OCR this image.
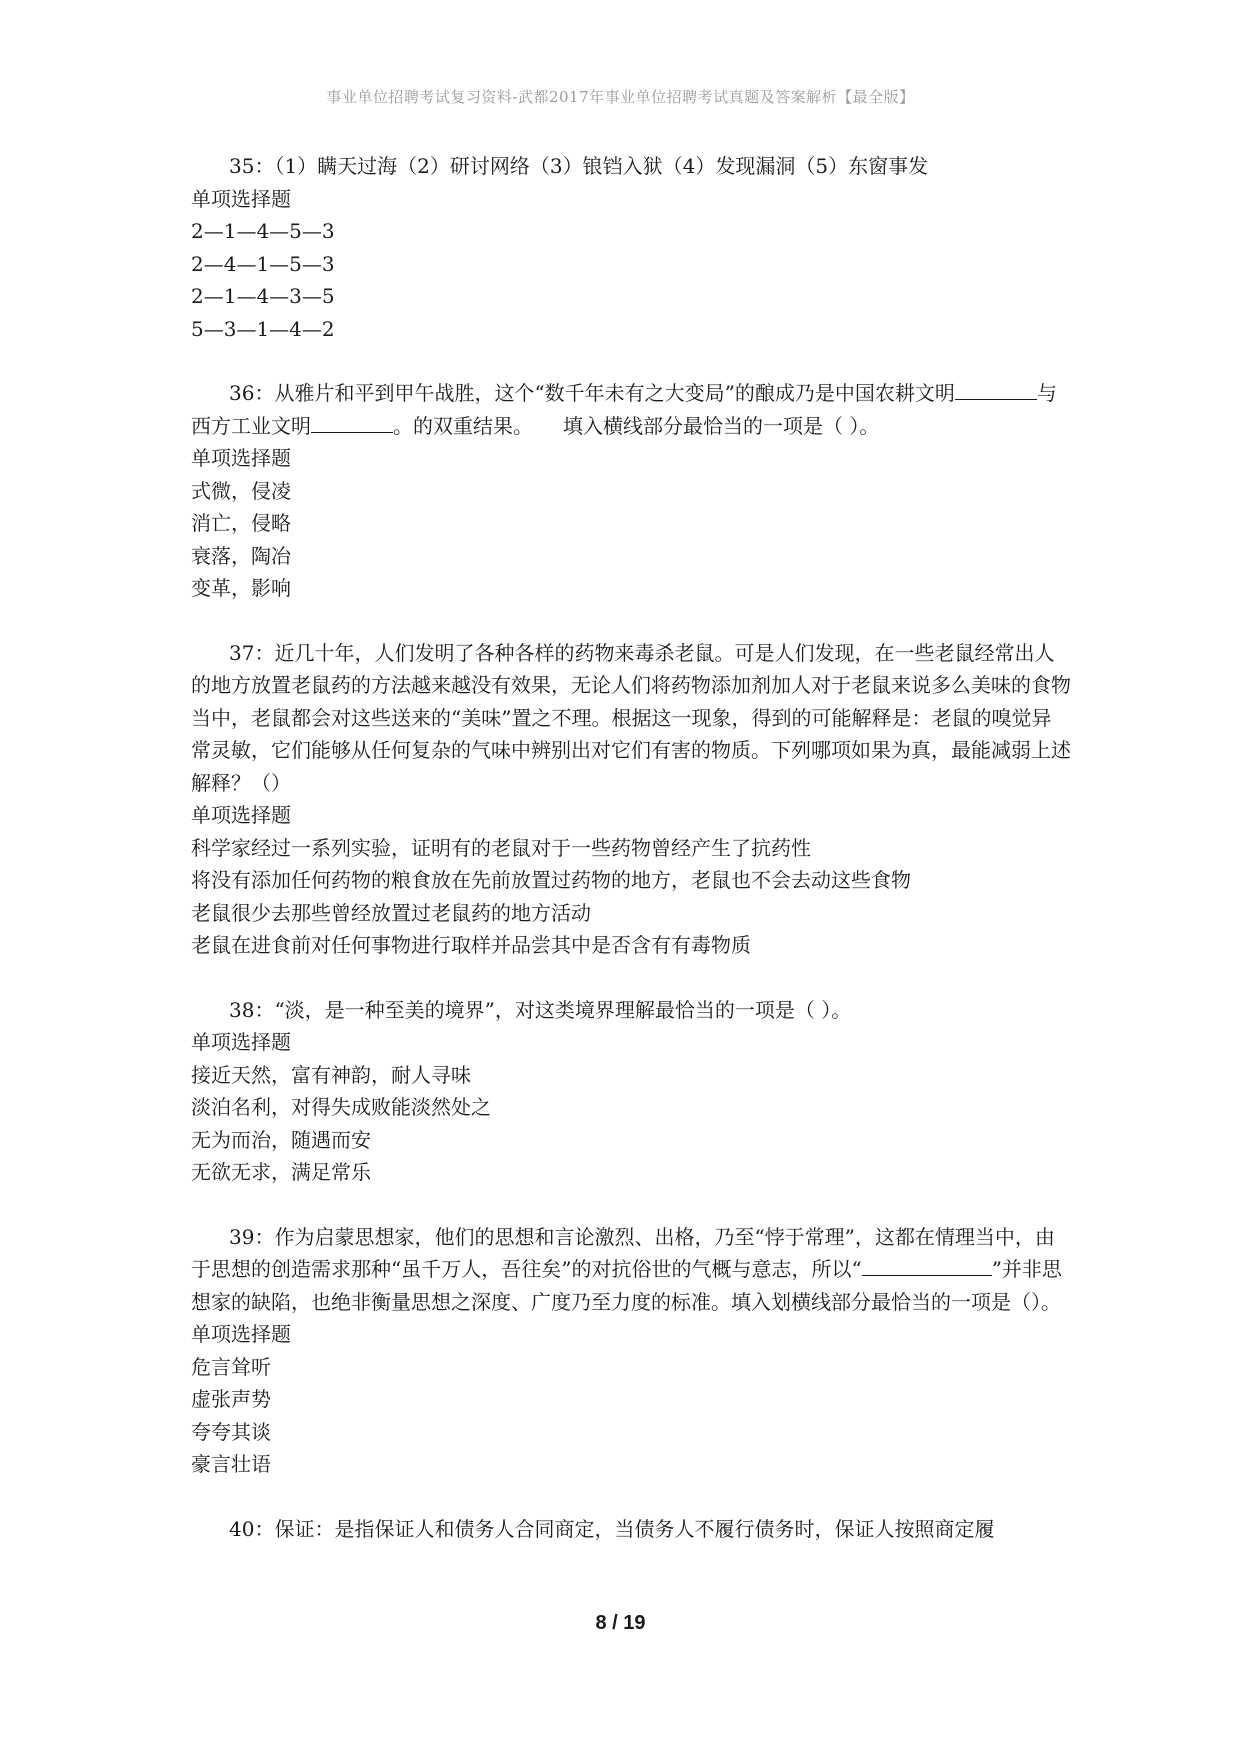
事业单位招聘考试复习资料-武都2017年事业单位招聘考试真题及答案解析【最全版】

35：（1）瞒天过海（2）研讨网络（3）锒铛入狱（4）发现漏洞（5）东窗事发

单项选择题

2—1—4—5—3

2—4—1—5—3

2—1—4—3—5

5—3—1—4—2

36：从雅片和平到甲午战胜，这个“数千年未有之大变局”的酿成乃是中国农耕文明	与西方工业文明	。的双重结果。　　填入横线部分最恰当的一项是（ ）。

单项选择题

式微，侵凌

消亡，侵略

衰落，陶冶

变革，影响

37：近几十年，人们发明了各种各样的药物来毒杀老鼠。可是人们发现，在一些老鼠经常出人的地方放置老鼠药的方法越来越没有效果，无论人们将药物添加剂加人对于老鼠来说多么美味的食物当中，老鼠都会对这些送来的“美味”置之不理。根据这一现象，得到的可能解释是：老鼠的嗅觉异常灵敏，它们能够从任何复杂的气味中辨别出对它们有害的物质。下列哪项如果为真，最能减弱上述解释？（）

单项选择题

科学家经过一系列实验，证明有的老鼠对于一些药物曾经产生了抗药性

将没有添加任何药物的粮食放在先前放置过药物的地方，老鼠也不会去动这些食物

老鼠很少去那些曾经放置过老鼠药的地方活动

老鼠在进食前对任何事物进行取样并品尝其中是否含有有毒物质

38：“淡，是一种至美的境界”，对这类境界理解最恰当的一项是（ ）。

单项选择题

接近天然，富有神韵，耐人寻味

淡泊名利，对得失成败能淡然处之

无为而治，随遇而安

无欲无求，满足常乐

39：作为启蒙思想家，他们的思想和言论激烈、出格，乃至“悖于常理”，这都在情理当中，由于思想的创造需求那种“虽千万人，吾往矣”的对抗俗世的气概与意志，所以“	”并非思想家的缺陷，也绝非衡量思想之深度、广度乃至力度的标准。填入划横线部分最恰当的一项是（）。

单项选择题

危言耸听

虚张声势

夸夸其谈

豪言壮语

40：保证：是指保证人和债务人合同商定，当债务人不履行债务时，保证人按照商定履

8 / 19
